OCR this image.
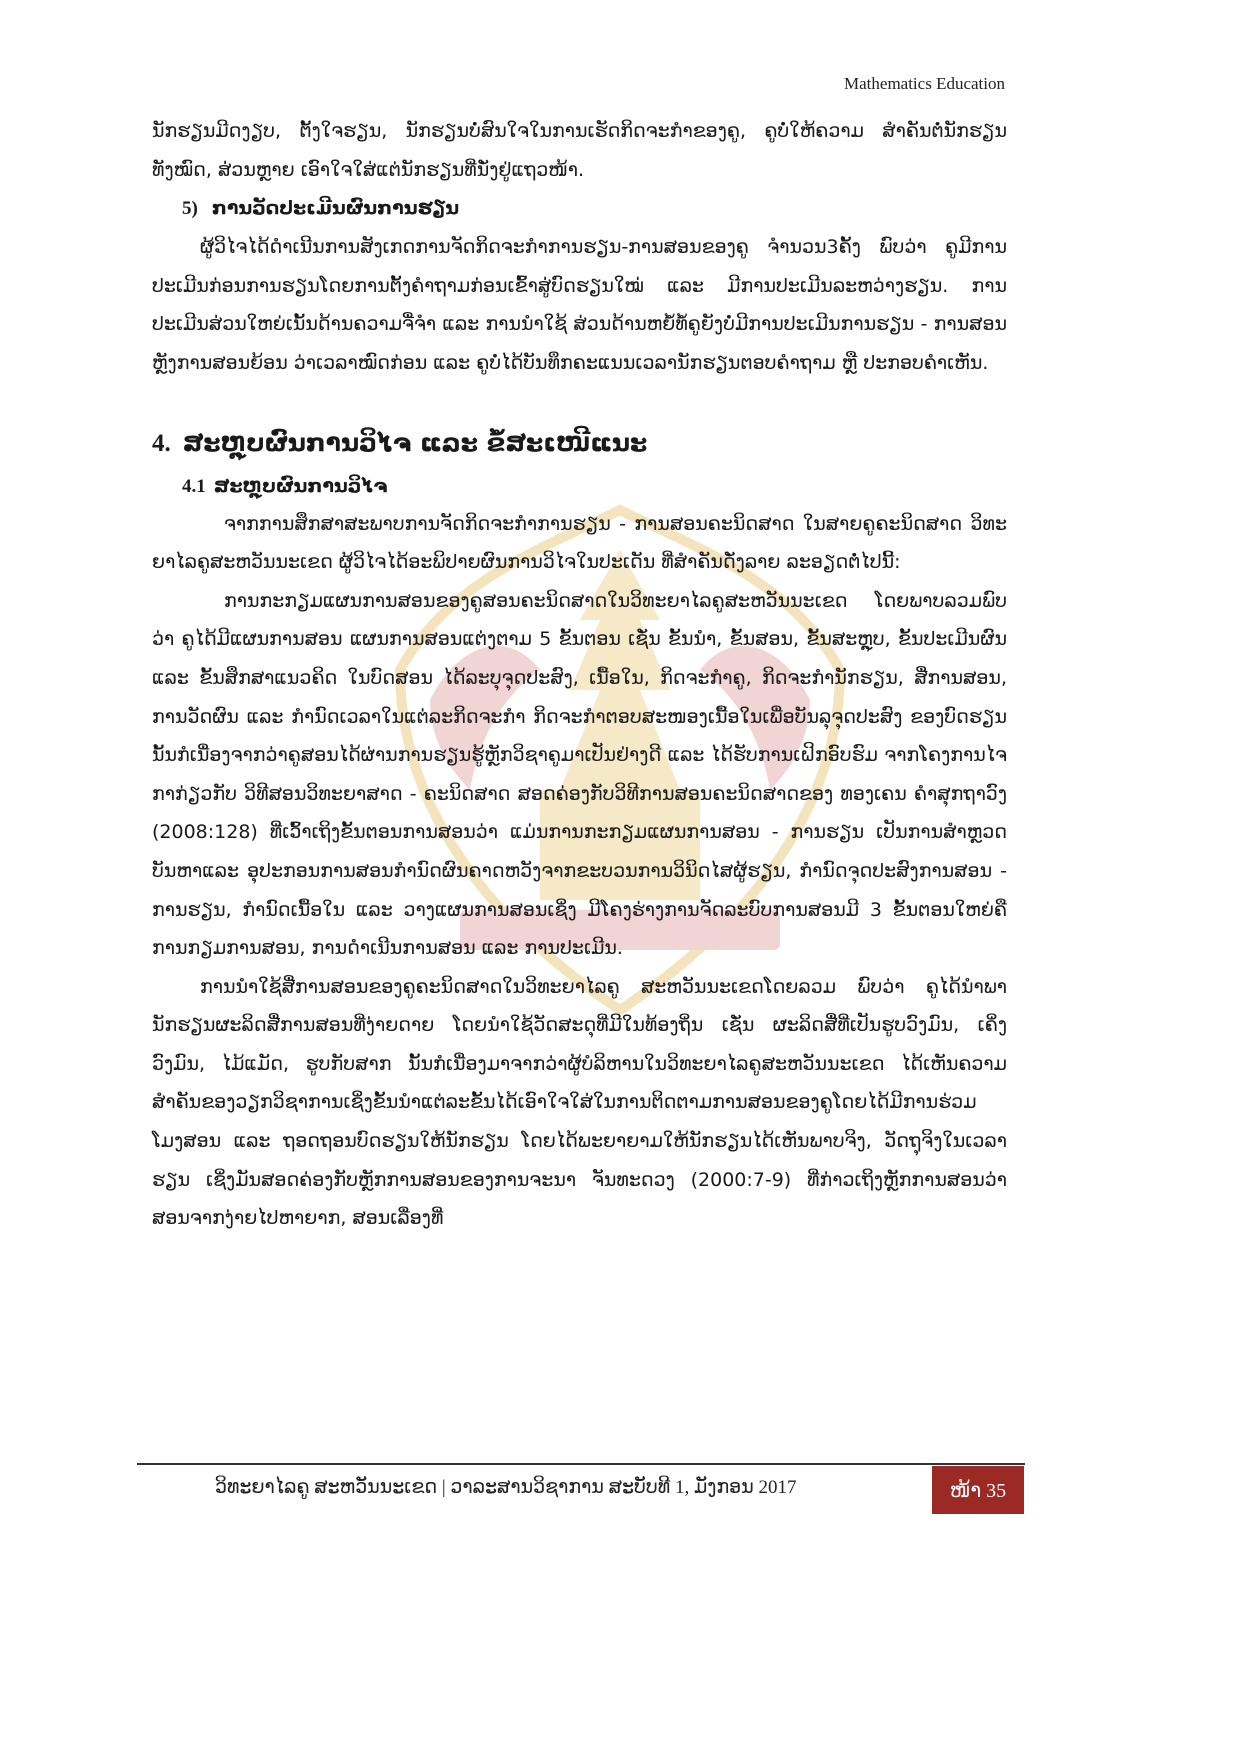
Mathematics Education

ນັກຮຽນມີດງຽບ, ຕັ້ງໃຈຮຽນ, ນັກຮຽນບໍ່ສົນໃຈໃນການເຮັດກິດຈະກຳຂອງຄູ, ຄູບໍ່ໃຫ້ຄວາມ ສຳຄັນຕໍ່ນັກຮຽນທັງໝົດ, ສ່ວນຫຼາຍ ເອົາໃຈໃສ່ແຕ່ນັກຮຽນທີ່ນັ່ງຢູ່ແຖວໜ້າ.

5) ການວັດປະເມີນຜົນການຮຽນ

ຜູ້ວິໄຈໄດ້ດຳເນີນການສັງເກດການຈັດກິດຈະກຳການຮຽນ-ການສອນຂອງຄູ ຈຳນວນ3ຄັ້ງ ພົບວ່າ ຄູມີການປະເມີນກ່ອນການຮຽນໂດຍການຕັ້ງຄຳຖາມກ່ອນເຂົ້າສູ່ບົດຮຽນໃໝ່ ແລະ ມີການປະເມີນລະຫວ່າງຮຽນ. ການປະເມີນສ່ວນໃຫຍ່ເນັ້ນດ້ານຄວາມຈື່ຈຳ ແລະ ການນຳໃຊ້ ສ່ວນດ້ານຫຍໍ້ທໍ້ຄູຍັງບໍ່ມີການປະເມີນການຮຽນ - ການສອນຫຼັງການສອນຍ້ອນ ວ່າເວລາໝົດກ່ອນ ແລະ ຄູບໍ່ໄດ້ບັນທຶກຄະແນນເວລານັກຮຽນຕອບຄຳຖາມ ຫຼື ປະກອບຄຳເຫັນ.

4. ສະຫຼຸບຜົນການວິໄຈ ແລະ ຂໍ້ສະເໜີແນະ
4.1 ສະຫຼຸບຜົນການວິໄຈ

ຈາກການສຶກສາສະພາບການຈັດກິດຈະກຳການຮຽນ - ການສອນຄະນິດສາດ ໃນສາຍຄູຄະນິດສາດ ວິທະ ຍາໄລຄູສະຫວັນນະເຂດ ຜູ້ວິໄຈໄດ້ອະພິປາຍຜົນການວິໄຈໃນປະເດັນ ທີ່ສຳຄັນດັ່ງລາຍ ລະອຽດຕໍ່ໄປນີ້:

ການກະກຽມແຜນການສອນຂອງຄູສອນຄະນິດສາດໃນວິທະຍາໄລຄູສະຫວັນນະເຂດ ໂດຍພາບລວມພົບວ່າ ຄູໄດ້ມີແຜນການສອນ ແຜນການສອນແຕ່ງຕາມ 5 ຂັ້ນຕອນ ເຊັ່ນ ຂັ້ນນຳ, ຂັ້ນສອນ, ຂັ້ນສະຫຼຸບ, ຂັ້ນປະເມີນຜົນ ແລະ ຂັ້ນສຶກສາແນວຄິດ ໃນບົດສອນ ໄດ້ລະບຸຈຸດປະສົງ, ເນື້ອໃນ, ກິດຈະກຳຄູ, ກິດຈະກຳນັກຮຽນ, ສື່ການສອນ, ການວັດຜົນ ແລະ ກຳນົດເວລາໃນແຕ່ລະກິດຈະກຳ ກິດຈະກຳຕອບສະໜອງເນື້ອໃນເພື່ອບັນລຸຈຸດປະສົງ ຂອງບົດຮຽນ ນັ້ນກໍເນື່ອງຈາກວ່າຄູສອນໄດ້ຜ່ານການຮຽນຮູ້ຫຼັກວິຊາຄູມາເປັນຢ່າງດີ ແລະ ໄດ້ຮັບການເຝິກອົບຮົມ ຈາກໂຄງການໄຈກາກ່ຽວກັບ ວິທີສອນວິທະຍາສາດ - ຄະນິດສາດ ສອດຄ່ອງກັບວິທີການສອນຄະນິດສາດຂອງ ທອງເຄນ ຄຳສຸກຖາວົງ (2008:128) ທີ່ເວົ້າເຖິງຂັ້ນຕອນການສອນວ່າ ແມ່ນການກະກຽມແຜນການສອນ - ການຮຽນ ເປັນການສຳຫຼວດບັນຫາແລະ ອຸປະກອນການສອນກຳນົດຜົນຄາດຫວັງຈາກຂະບວນການວິນິດໄສຜູ້ຮຽນ, ກຳນົດຈຸດປະສົງການສອນ - ການຮຽນ, ກຳນົດເນື້ອໃນ ແລະ ວາງແຜນການສອນເຊິ່ງ ມີໂຄງຮ່າງການຈັດລະບົບການສອນມີ 3 ຂັ້ນຕອນໃຫຍ່ຄື ການກຽມການສອນ, ການດຳເນີນການສອນ ແລະ ການປະເມີນ.

ການນຳໃຊ້ສື່ການສອນຂອງຄູຄະນິດສາດໃນວິທະຍາໄລຄູ ສະຫວັນນະເຂດໂດຍລວມ ພົບວ່າ ຄູໄດ້ນຳພານັກຮຽນຜະລິດສື່ການສອນທີ່ງ່າຍດາຍ ໂດຍນຳໃຊ້ວັດສະດຸທີ່ມີໃນທ້ອງຖິ່ນ ເຊັ່ນ ຜະລິດສື່ທີ່ເປັນຮູບວົງມົນ, ເຄິ່ງວົງມົນ, ໄມ້ແມັດ, ຮູບກັບສາກ ນັ້ນກໍເນື່ອງມາຈາກວ່າຜູ້ບໍລິຫານໃນວິທະຍາໄລຄູສະຫວັນນະເຂດ ໄດ້ເຫັນຄວາມສຳຄັນຂອງວຽກວິຊາການເຊິ່ງຂັ້ນນຳແຕ່ລະຂັ້ນໄດ້ເອົາໃຈໃສ່ໃນການຕິດຕາມການສອນຂອງຄູໂດຍໄດ້ມີການຮ່ວມໂມງສອນ ແລະ ຖອດຖອນບົດຮຽນໃຫ້ນັກຮຽນ ໂດຍໄດ້ພະຍາຍາມໃຫ້ນັກຮຽນໄດ້ເຫັນພາບຈິງ, ວັດຖຸຈິງໃນເວລາຮຽນ ເຊິ່ງມັນສອດຄ່ອງກັບຫຼັກການສອນຂອງການຈະນາ ຈັນທະດວງ (2000:7-9) ທີ່ກ່າວເຖິງຫຼັກການສອນວ່າ ສອນຈາກງ່າຍໄປຫາຍາກ, ສອນເລື່ອງທີ່

ວິທະຍາໄລຄູ ສະຫວັນນະເຂດ | ວາລະສານວິຊາການ ສະບັບທີ 1, ມັງກອນ 2017	ໜ້າ 35
